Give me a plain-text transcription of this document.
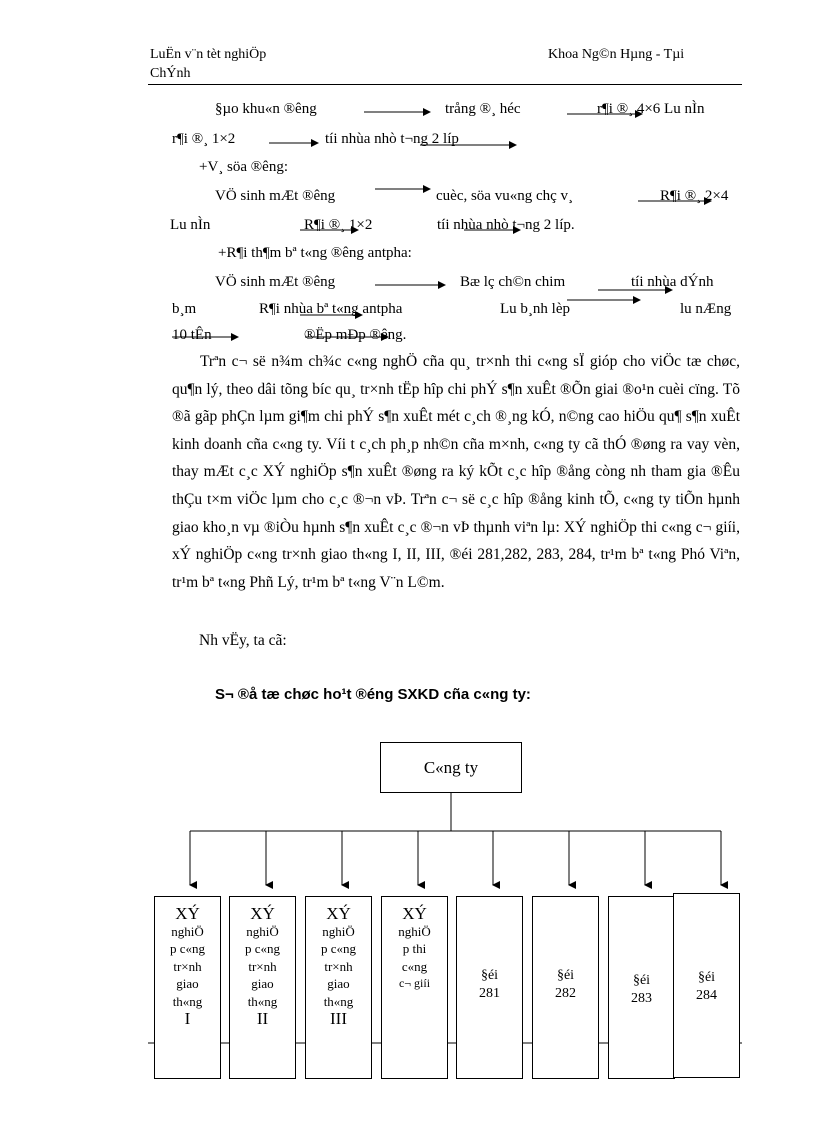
LuËn v¨n tèt nghiÖp
ChÝnh
Khoa Ng©n Hµng - Tµi
§µo khu«n ®êng	trång ®¸ héc	r¶i ®¸ 4×6 Lu nÌn
r¶i ®¸ 1×2	tíi nhùa nhò t¬ng 2 líp
+V¸ söa ®êng:
VÖ sinh mÆt ®êng	cuèc, söa vu«ng chç v¸	R¶i ®¸ 2×4
Lu nÌn	R¶i ®¸ 1×2	tíi nhùa nhò t¬ng 2 líp.
+R¶i th¶m bª t«ng ®êng antpha:
VÖ sinh mÆt ®êng	Bæ lç ch©n chim	tíi nhùa dÝnh
b¸m	R¶i nhùa bª t«ng antpha	Lu b¸nh lèp	lu nÆng
10 tÊn	®Ëp mÐp ®êng.
Trªn c¬ së n¾m ch¾c c«ng nghÖ cña qu¸ tr×nh thi c«ng sÏ gióp cho viÖc tæ chøc, qu¶n lý, theo dâi tõng bíc qu¸ tr×nh tËp hîp chi phÝ s¶n xuÊt ®Õn giai ®o¹n cuèi cïng. Tõ ®ã gãp phÇn lµm gi¶m chi phÝ s¶n xuÊt mét c¸ch ®¸ng kÓ, n©ng cao hiÖu qu¶ s¶n xuÊt kinh doanh cña c«ng ty. Víi t c¸ch ph¸p nh©n cña m×nh, c«ng ty cã thÓ ®øng ra vay vèn, thay mÆt c¸c XÝ nghiÖp s¶n xuÊt ®øng ra ký kÕt c¸c hîp ®ång còng nh tham gia ®Êu thÇu t×m viÖc lµm cho c¸c ®¬n vÞ. Trªn c¬ së c¸c hîp ®ång kinh tÕ, c«ng ty tiÕn hµnh giao kho¸n vµ ®iÒu hµnh s¶n xuÊt c¸c ®¬n vÞ thµnh viªn lµ: XÝ nghiÖp thi c«ng c¬ giíi, xÝ nghiÖp c«ng tr×nh giao th«ng I, II, III, ®éi 281,282, 283, 284, tr¹m bª t«ng Phó Viªn, tr¹m bª t«ng Phñ Lý, tr¹m bª t«ng V¨n L©m.
Nh vËy, ta cã:
S¬ ®å tæ chøc ho¹t ®éng SXKD cña c«ng ty:
C«ng ty
XÝ
nghiÖ
p c«ng
tr×nh
giao
th«ng
I
XÝ
nghiÖ
p c«ng
tr×nh
giao
th«ng
II
XÝ
nghiÖ
p c«ng
tr×nh
giao
th«ng
III
XÝ
nghiÖ
p thi
c«ng
c¬ giíi	§éi
281
§éi
282
§éi
283
§éi
284
